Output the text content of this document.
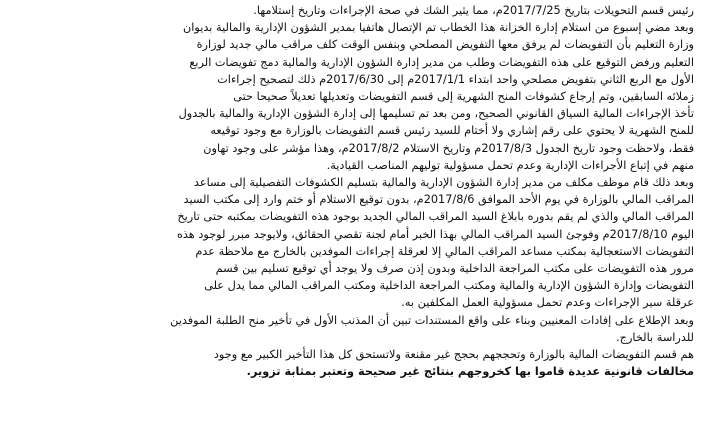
رئيس قسم التحويلات بتاريخ 2017/7/25م، مما يثير الشك في صحة الإجراءات وتاريخ إستلامها.
وبعد مضي إسبوع من استلام إدارة الخزانة هذا الخطاب تم الإتصال هاتفيا بمدير الشؤون الإدارية والمالية بديوان
وزارة التعليم بأن التفويضات لم يرفق معها التفويض المصلحي وبنفس الوقت كلف مراقب مالي جديد لوزارة
التعليم ورفض التوقيع على هذه التفويضات وطلب من مدير إدارة الشؤون الإدارية والمالية دمج تفويضات الربع
الأول مع الربع الثاني بتفويض مصلحي واحد ابتداء 2017/1/1م إلى 2017/6/30م ذلك لتصحيح إجراءات
زملائه السابقين، وتم إرجاع كشوفات المنح الشهرية إلى قسم التفويضات وتعديلها تعديلاً صحيحا حتى
تأخذ الإجراءات المالية السياق القانوني الصحيح، ومن بعد تم تسليمها إلى إدارة الشؤون الإدارية والمالية بالجدول
للمنح الشهرية لا يحتوي على رقم إشاري ولا أختام للسيد رئيس قسم التفويضات بالوزارة مع وجود توقيعه
فقط، ولاحظت وجود تاريخ الجدول 2017/8/3م وتاريخ الاستلام 2017/8/2م، وهذا مؤشر على وجود تهاون
منهم في إتباع الأجراءات الإدارية وعدم تحمل مسؤولية توليهم المناصب القيادية.
وبعد ذلك قام موظف مكلف من مدير إدارة الشؤون الإدارية والمالية بتسليم الكشوفات التفصيلية إلى مساعد
المراقب المالي بالوزارة في يوم الأحد الموافق 2017/8/6م، بدون توقيع الاستلام أو ختم وارد إلى مكتب السيد
المراقب المالي والذي لم يقم بدوره بابلاغ السيد المراقب المالي الجديد بوجود هذه التفويضات بمكتبه حتى تاريخ
اليوم 2017/8/10م وفوجئ السيد المراقب المالي بهذا الخبر أمام لجنة تقصي الحقائق، ولايوجد مبرر لوجود هذه
التفويضات الاستعجالية بمكتب مساعد المراقب المالي إلا لعرقلة إجراءات الموفدين بالخارج مع ملاحظة عدم
مرور هذه التفويضات على مكتب المراجعة الداخلية وبدون إذن صرف ولا يوجد أي توقيع تسليم بين قسم
التفويضات وإدارة الشؤون الإدارية والمالية ومكتب المراجعة الداخلية ومكتب المراقب المالي مما يدل على
عرقلة سير الإجراءات وعدم تحمل مسؤولية العمل المكلفين به.
وبعد الإطلاع على إفادات المعنيين وبناء على واقع المستندات تبين أن المذنب الأول في تأخير منح الطلبة الموفدين
للدراسة بالخارج.
هم قسم التفويضات المالية بالوزارة وتحججهم بحجج غير مقنعة ولاتستحق كل هذا التأخير الكبير مع وجود
مخالفات قانونية عديدة قاموا بها كخروجهم بنتائج غير صحيحة وتعتبر بمثابة تزوير.
